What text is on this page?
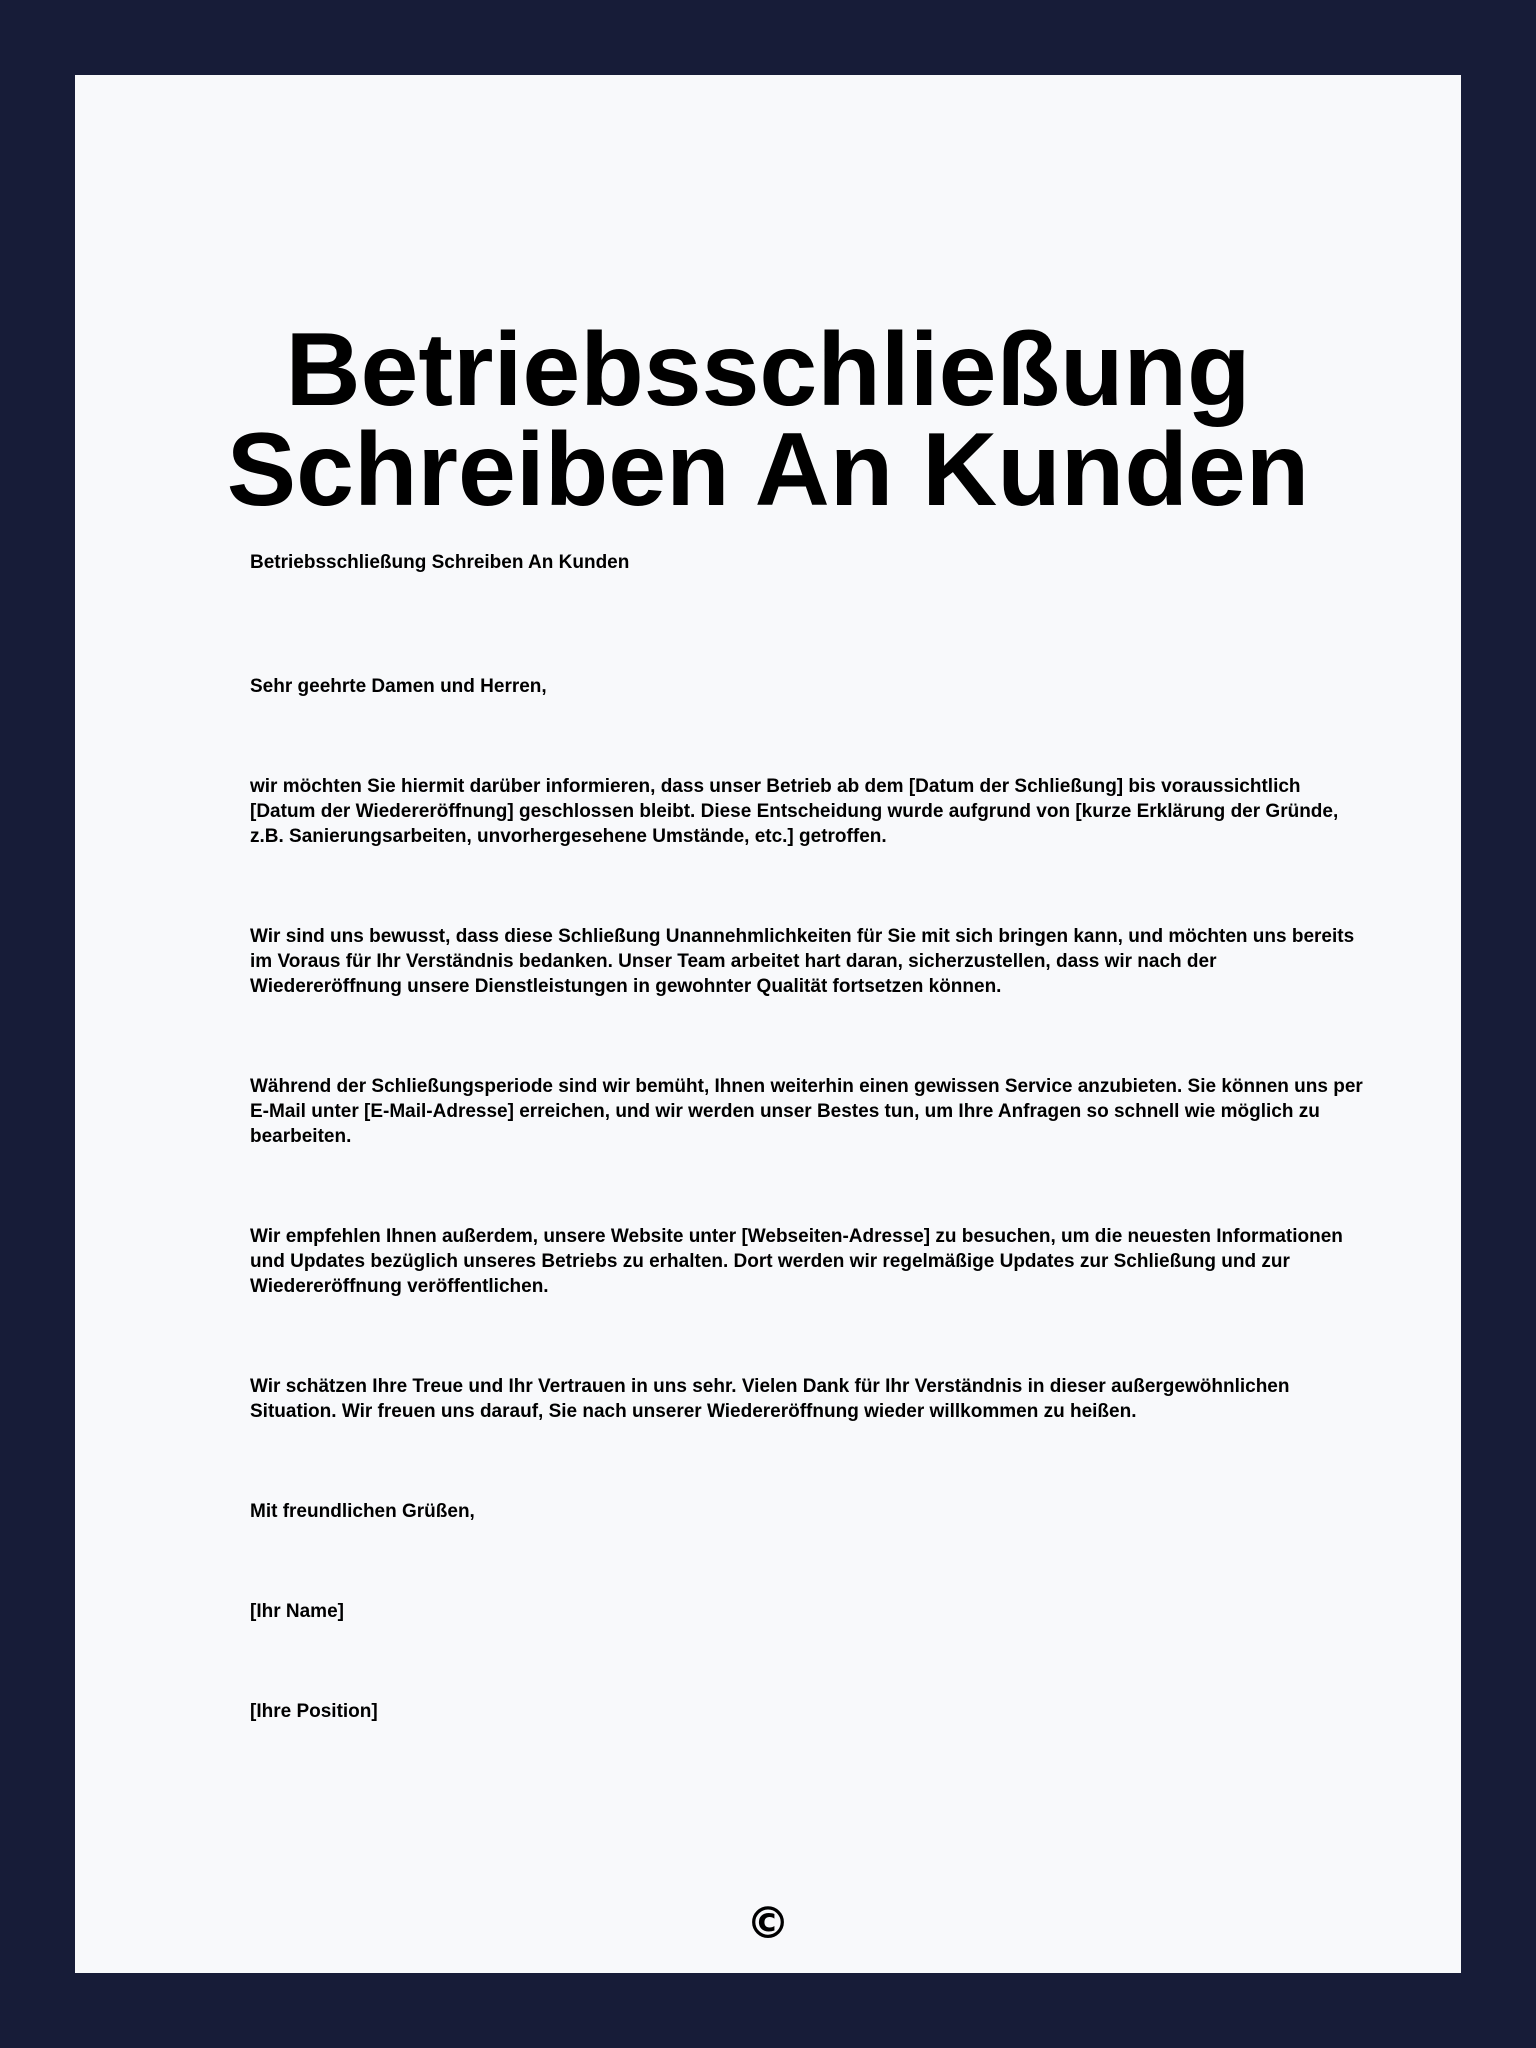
Betriebsschließung
Schreiben An Kunden

Betriebsschließung Schreiben An Kunden

Sehr geehrte Damen und Herren,

wir möchten Sie hiermit darüber informieren, dass unser Betrieb ab dem [Datum der Schließung] bis voraussichtlich [Datum der Wiedereröffnung] geschlossen bleibt. Diese Entscheidung wurde aufgrund von [kurze Erklärung der Gründe, z.B. Sanierungsarbeiten, unvorhergesehene Umstände, etc.] getroffen.

Wir sind uns bewusst, dass diese Schließung Unannehmlichkeiten für Sie mit sich bringen kann, und möchten uns bereits im Voraus für Ihr Verständnis bedanken. Unser Team arbeitet hart daran, sicherzustellen, dass wir nach der Wiedereröffnung unsere Dienstleistungen in gewohnter Qualität fortsetzen können.

Während der Schließungsperiode sind wir bemüht, Ihnen weiterhin einen gewissen Service anzubieten. Sie können uns per E-Mail unter [E-Mail-Adresse] erreichen, und wir werden unser Bestes tun, um Ihre Anfragen so schnell wie möglich zu bearbeiten.

Wir empfehlen Ihnen außerdem, unsere Website unter [Webseiten-Adresse] zu besuchen, um die neuesten Informationen und Updates bezüglich unseres Betriebs zu erhalten. Dort werden wir regelmäßige Updates zur Schließung und zur Wiedereröffnung veröffentlichen.

Wir schätzen Ihre Treue und Ihr Vertrauen in uns sehr. Vielen Dank für Ihr Verständnis in dieser außergewöhnlichen Situation. Wir freuen uns darauf, Sie nach unserer Wiedereröffnung wieder willkommen zu heißen.

Mit freundlichen Grüßen,

[Ihr Name]

[Ihre Position]

©
